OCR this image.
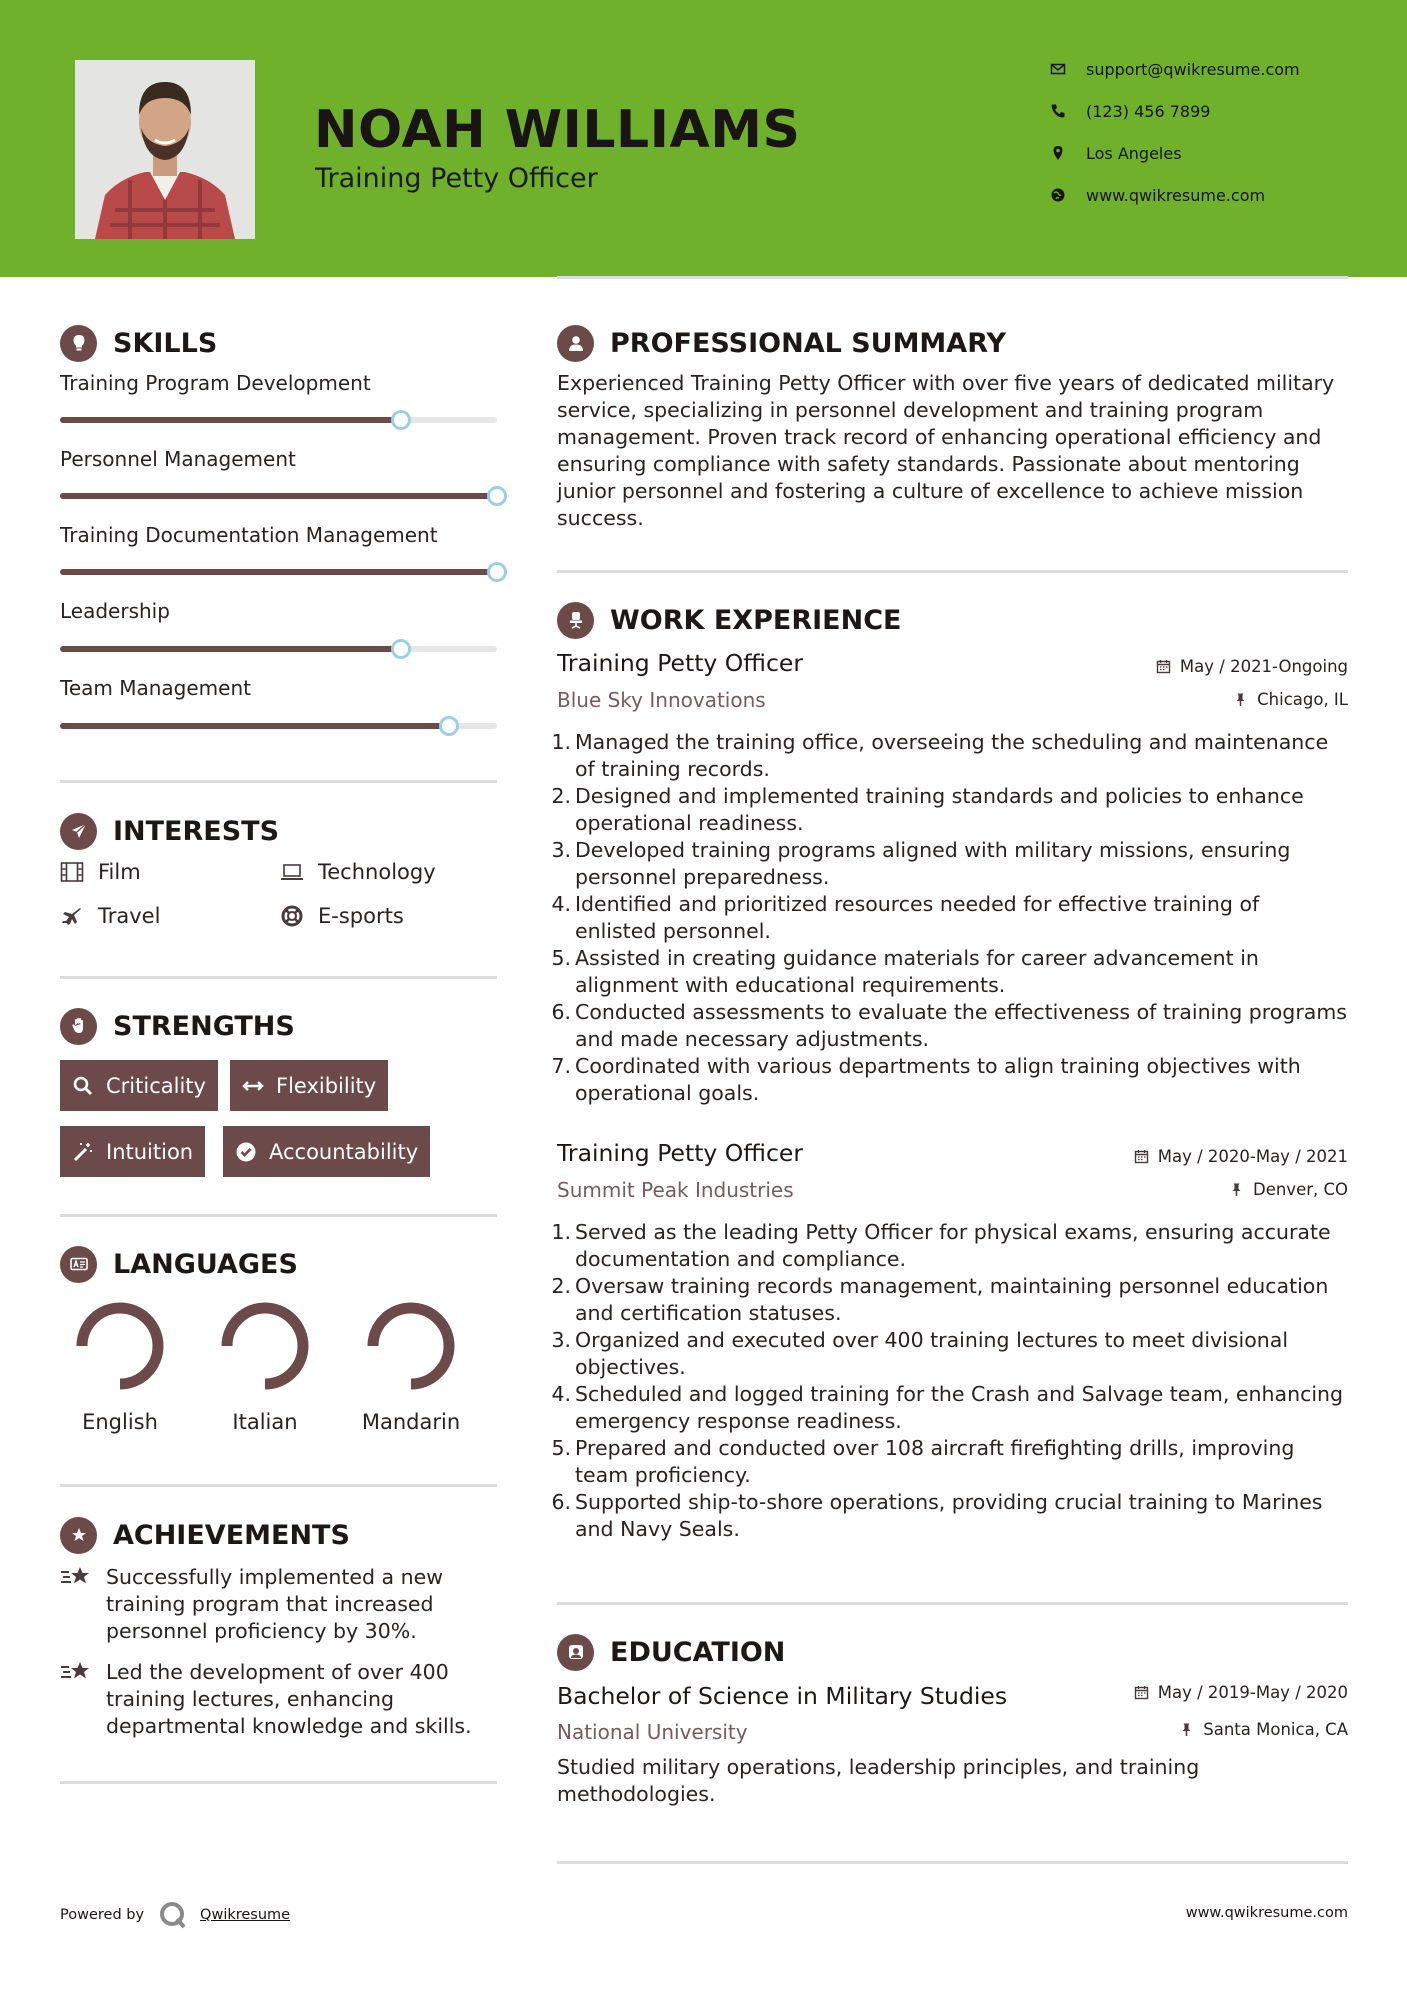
NOAH WILLIAMS
Training Petty Officer
support@qwikresume.com
(123) 456 7899
Los Angeles
www.qwikresume.com
SKILLS
Training Program Development
Personnel Management
Training Documentation Management
Leadership
Team Management
INTERESTS
Film	Technology
Travel	E-sports
STRENGTHS
Criticality	Flexibility
Intuition	Accountability
LANGUAGES
English	Italian	Mandarin
ACHIEVEMENTS
Successfully implemented a new training program that increased personnel proficiency by 30%.
Led the development of over 400 training lectures, enhancing departmental knowledge and skills.
PROFESSIONAL SUMMARY
Experienced Training Petty Officer with over five years of dedicated military service, specializing in personnel development and training program management. Proven track record of enhancing operational efficiency and ensuring compliance with safety standards. Passionate about mentoring junior personnel and fostering a culture of excellence to achieve mission success.
WORK EXPERIENCE
Training Petty Officer	May / 2021-Ongoing
Blue Sky Innovations	Chicago, IL
1. Managed the training office, overseeing the scheduling and maintenance of training records.
2. Designed and implemented training standards and policies to enhance operational readiness.
3. Developed training programs aligned with military missions, ensuring personnel preparedness.
4. Identified and prioritized resources needed for effective training of enlisted personnel.
5. Assisted in creating guidance materials for career advancement in alignment with educational requirements.
6. Conducted assessments to evaluate the effectiveness of training programs and made necessary adjustments.
7. Coordinated with various departments to align training objectives with operational goals.
Training Petty Officer	May / 2020-May / 2021
Summit Peak Industries	Denver, CO
1. Served as the leading Petty Officer for physical exams, ensuring accurate documentation and compliance.
2. Oversaw training records management, maintaining personnel education and certification statuses.
3. Organized and executed over 400 training lectures to meet divisional objectives.
4. Scheduled and logged training for the Crash and Salvage team, enhancing emergency response readiness.
5. Prepared and conducted over 108 aircraft firefighting drills, improving team proficiency.
6. Supported ship-to-shore operations, providing crucial training to Marines and Navy Seals.
EDUCATION
Bachelor of Science in Military Studies	May / 2019-May / 2020
National University	Santa Monica, CA
Studied military operations, leadership principles, and training methodologies.
Powered by	Qwikresume	www.qwikresume.com
